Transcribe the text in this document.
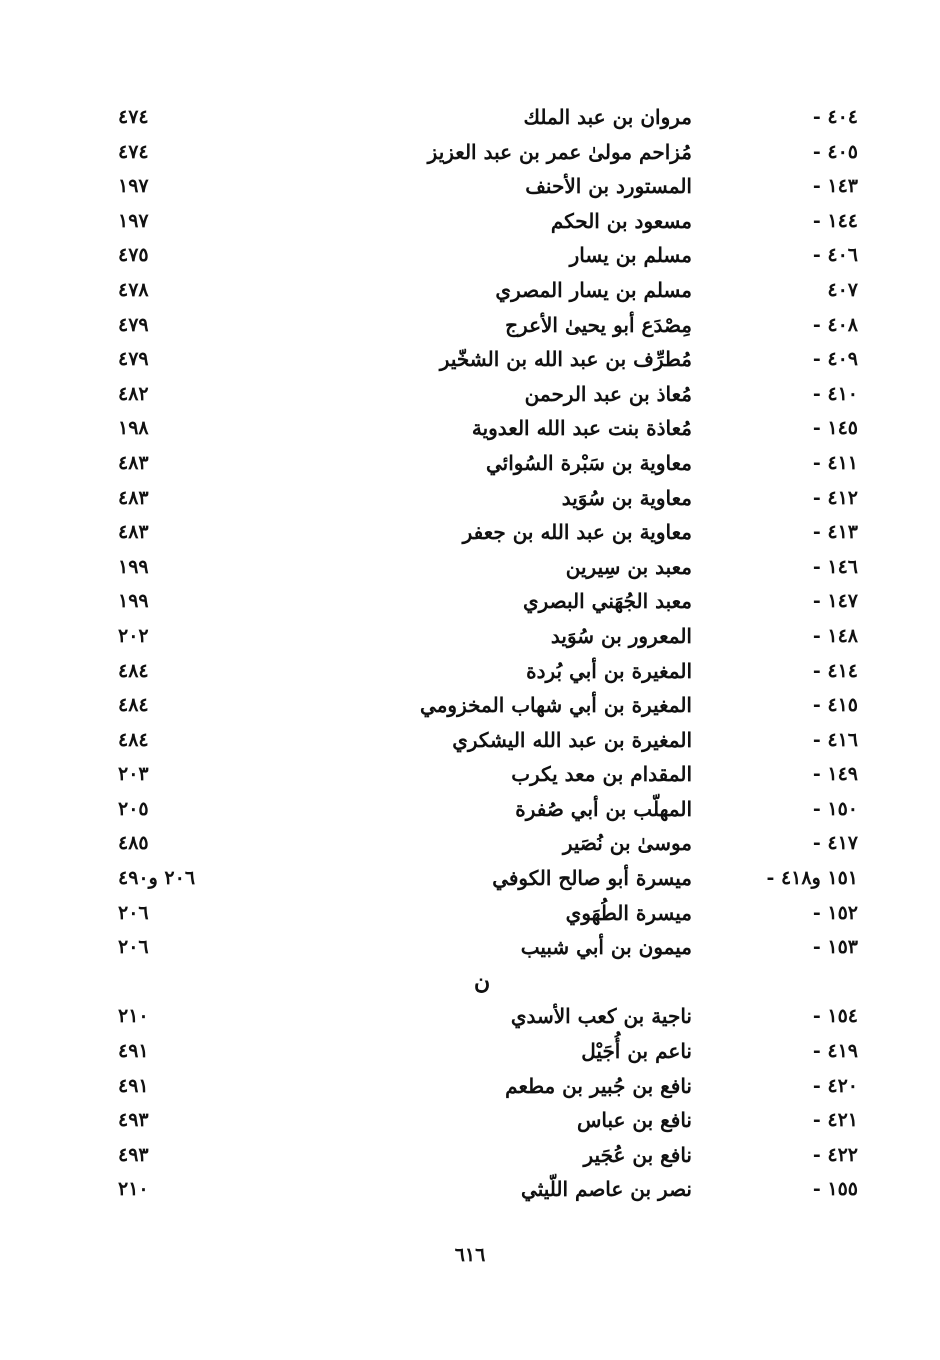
٤٠٤ -
مروان بن عبد الملك
٤٧٤
٤٠٥ -
مُزاحم مولىٰ عمر بن عبد العزيز
٤٧٤
١٤٣ -
المستورد بن الأحنف
١٩٧
١٤٤ -
مسعود بن الحكم
١٩٧
٤٠٦ -
مسلم بن يسار
٤٧٥
٤٠٧
مسلم بن يسار المصري
٤٧٨
٤٠٨ -
مِصْدَع أبو يحيىٰ الأعرج
٤٧٩
٤٠٩ -
مُطرِّف بن عبد الله بن الشخّير
٤٧٩
٤١٠ -
مُعاذ بن عبد الرحمن
٤٨٢
١٤٥ -
مُعاذة بنت عبد الله العدوية
١٩٨
٤١١ -
معاوية بن سَبْرة السُوائي
٤٨٣
٤١٢ -
معاوية بن سُوَيد
٤٨٣
٤١٣ -
معاوية بن عبد الله بن جعفر
٤٨٣
١٤٦ -
معبد بن سِيرين
١٩٩
١٤٧ -
معبد الجُهَني البصري
١٩٩
١٤٨ -
المعرور بن سُوَيد
٢٠٢
٤١٤ -
المغيرة بن أبي بُردة
٤٨٤
٤١٥ -
المغيرة بن أبي شهاب المخزومي
٤٨٤
٤١٦ -
المغيرة بن عبد الله اليشكري
٤٨٤
١٤٩ -
المقدام بن معد يكرب
٢٠٣
١٥٠ -
المهلّب بن أبي صُفرة
٢٠٥
٤١٧ -
موسىٰ بن نُصَير
٤٨٥
١٥١ و٤١٨ -
ميسرة أبو صالح الكوفي
٢٠٦ و٤٩٠
١٥٢ -
ميسرة الطُهَوي
٢٠٦
١٥٣ -
ميمون بن أبي شبيب
٢٠٦
ن
١٥٤ -
ناجية بن كعب الأسدي
٢١٠
٤١٩ -
ناعم بن أُجَيْل
٤٩١
٤٢٠ -
نافع بن جُبير بن مطعم
٤٩١
٤٢١ -
نافع بن عباس
٤٩٣
٤٢٢ -
نافع بن عُجَير
٤٩٣
١٥٥ -
نصر بن عاصم اللّيثي
٢١٠
٦١٦
